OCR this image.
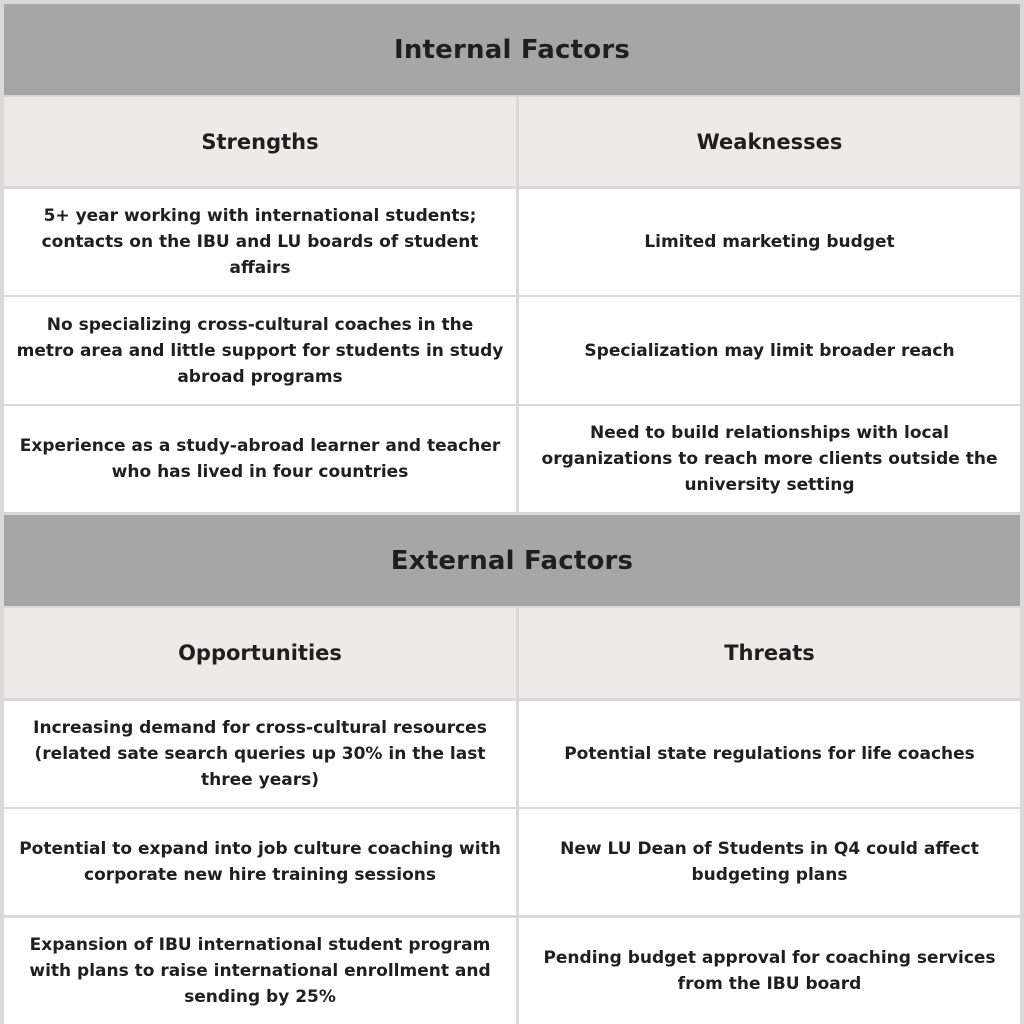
Internal Factors
Strengths	Weaknesses
5+ year working with international students; contacts on the IBU and LU boards of student affairs
Limited marketing budget
No specializing cross-cultural coaches in the metro area and little support for students in study abroad programs
Specialization may limit broader reach
Experience as a study-abroad learner and teacher who has lived in four countries
Need to build relationships with local organizations to reach more clients outside the university setting
External Factors
Opportunities	Threats
Increasing demand for cross-cultural resources (related sate search queries up 30% in the last three years)
Potential state regulations for life coaches
Potential to expand into job culture coaching with corporate new hire training sessions
New LU Dean of Students in Q4 could affect budgeting plans
Expansion of IBU international student program with plans to raise international enrollment and sending by 25%
Pending budget approval for coaching services from the IBU board
